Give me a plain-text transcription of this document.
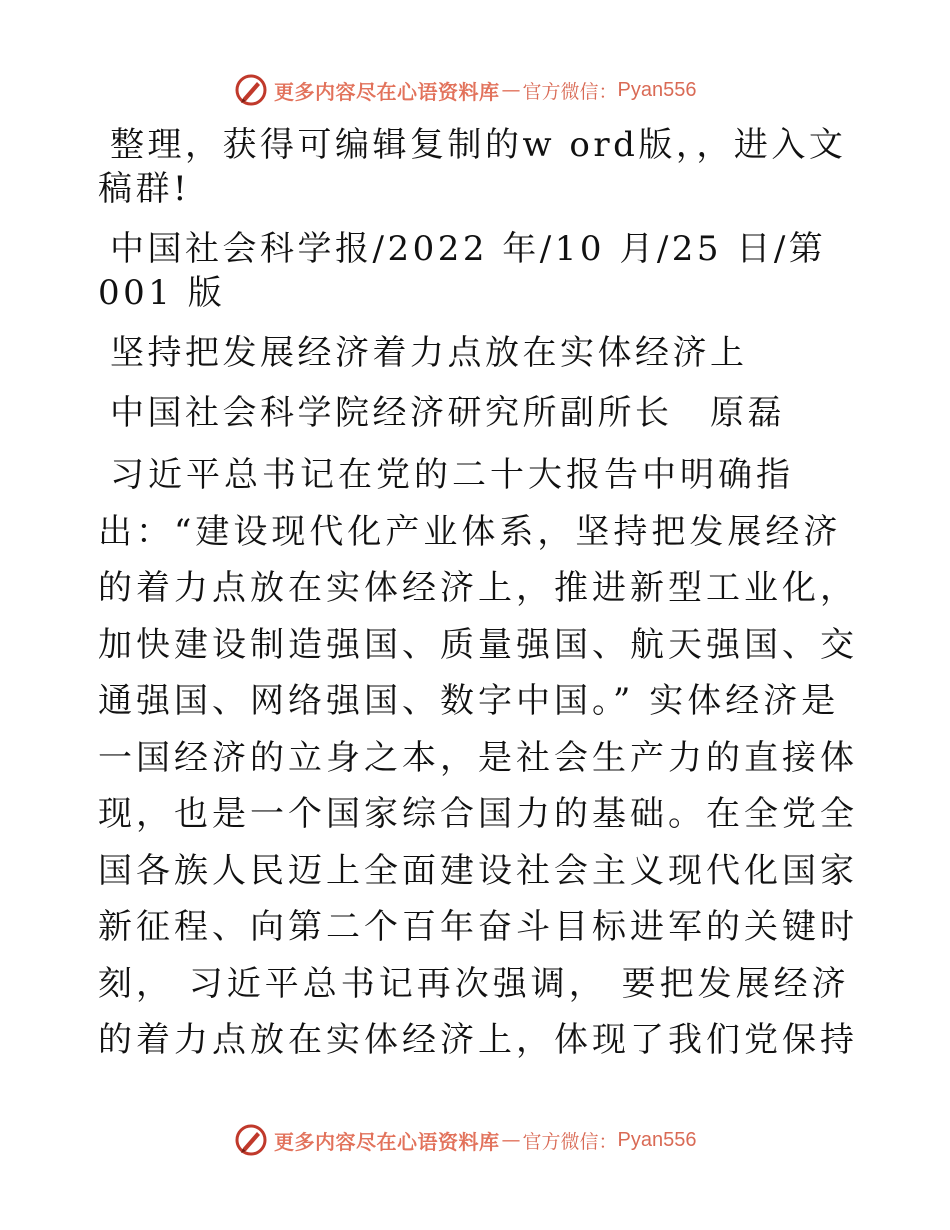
更多内容尽在心语资料库 — 官方微信： Pyan556

整理，获得可编辑复制的w ord版，，进入文稿群!

中国社会科学报/2022 年/10 月/25 日/第 001 版

坚持把发展经济着力点放在实体经济上

中国社会科学院经济研究所副所长　原磊

习近平总书记在党的二十大报告中明确指出：“建设现代化产业体系，坚持把发展经济的着力点放在实体经济上，推进新型工业化，加快建设制造强国、质量强国、航天强国、交通强国、网络强国、数字中国。” 实体经济是一国经济的立身之本，是社会生产力的直接体现，也是一个国家综合国力的基础。在全党全国各族人民迈上全面建设社会主义现代化国家新征程、向第二个百年奋斗目标进军的关键时刻， 习近平总书记再次强调， 要把发展经济的着力点放在实体经济上，体现了我们党保持

更多内容尽在心语资料库 — 官方微信： Pyan556
